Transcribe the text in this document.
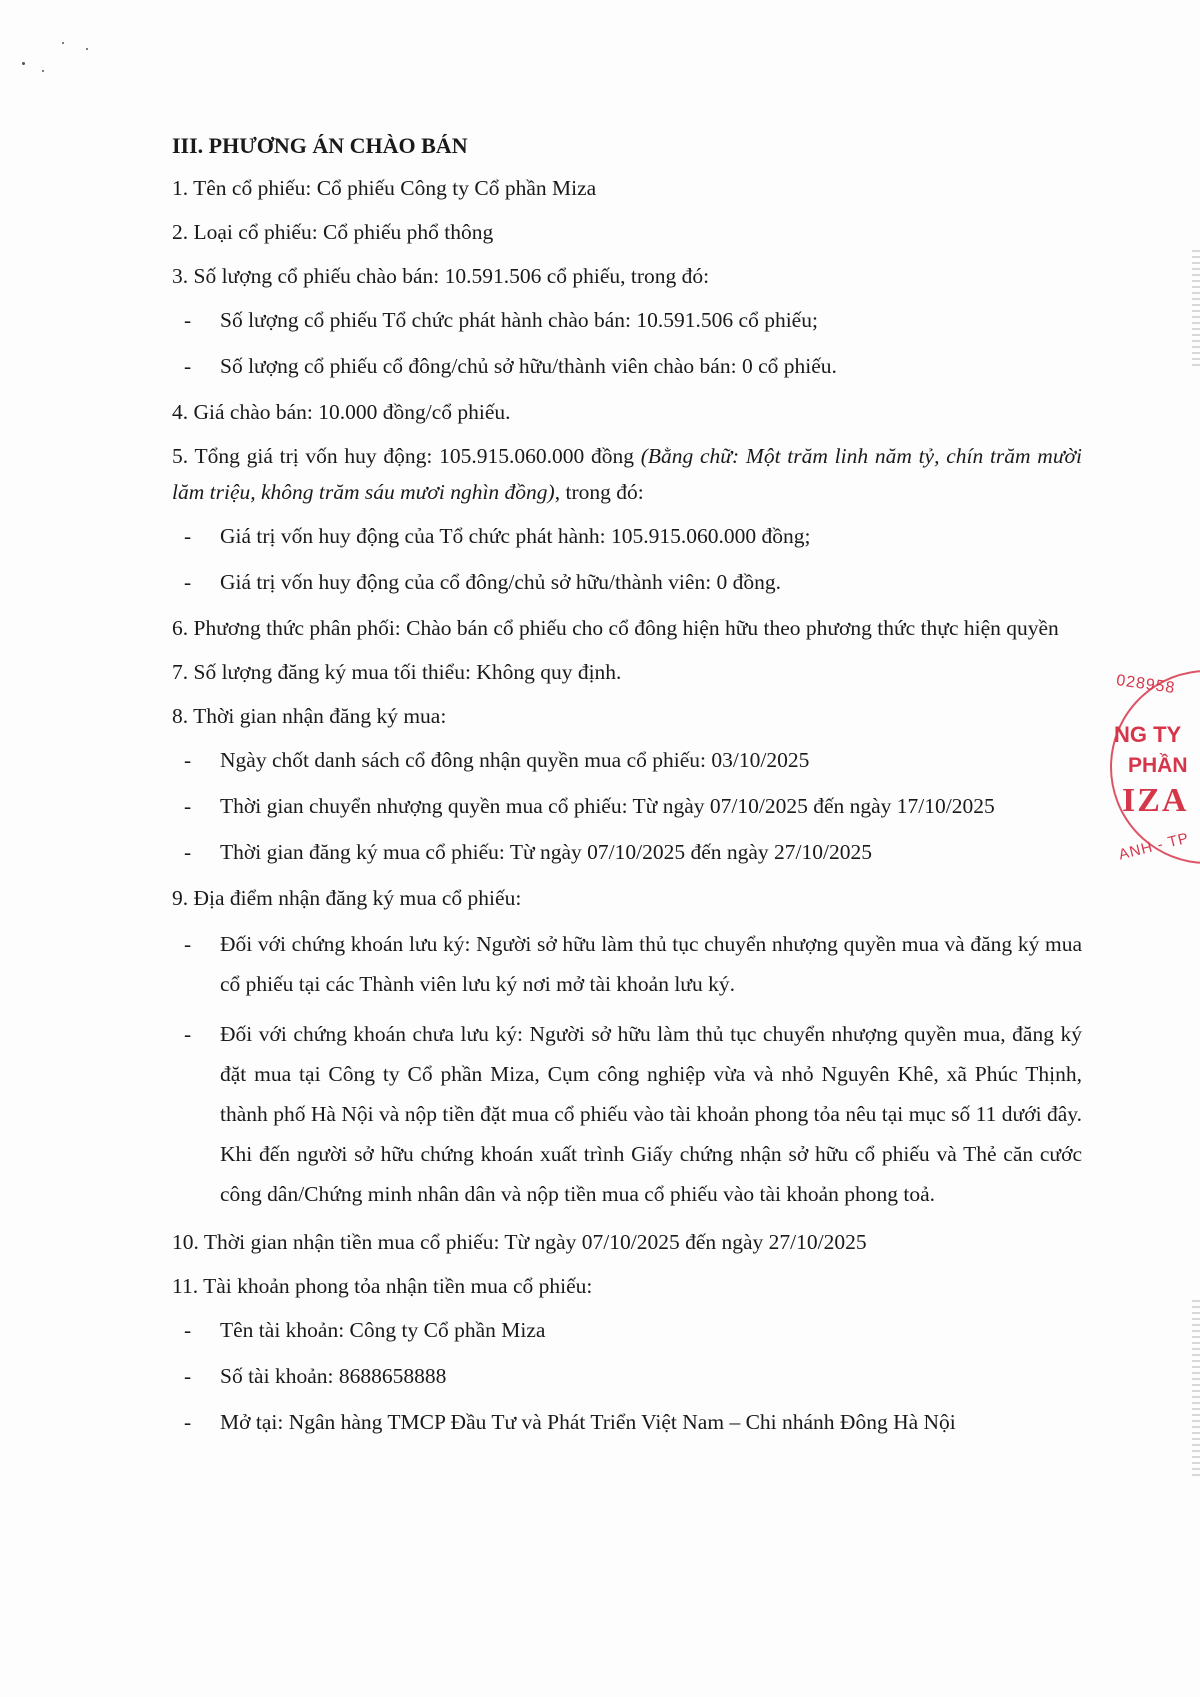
III. PHƯƠNG ÁN CHÀO BÁN
1. Tên cổ phiếu: Cổ phiếu Công ty Cổ phần Miza
2. Loại cổ phiếu: Cổ phiếu phổ thông
3. Số lượng cổ phiếu chào bán: 10.591.506 cổ phiếu, trong đó:
- Số lượng cổ phiếu Tổ chức phát hành chào bán: 10.591.506 cổ phiếu;
- Số lượng cổ phiếu cổ đông/chủ sở hữu/thành viên chào bán: 0 cổ phiếu.
4. Giá chào bán: 10.000 đồng/cổ phiếu.
5. Tổng giá trị vốn huy động: 105.915.060.000 đồng (Bằng chữ: Một trăm linh năm tỷ, chín trăm mười lăm triệu, không trăm sáu mươi nghìn đồng), trong đó:
- Giá trị vốn huy động của Tổ chức phát hành: 105.915.060.000 đồng;
- Giá trị vốn huy động của cổ đông/chủ sở hữu/thành viên: 0 đồng.
6. Phương thức phân phối: Chào bán cổ phiếu cho cổ đông hiện hữu theo phương thức thực hiện quyền
7. Số lượng đăng ký mua tối thiểu: Không quy định.
8. Thời gian nhận đăng ký mua:
- Ngày chốt danh sách cổ đông nhận quyền mua cổ phiếu: 03/10/2025
- Thời gian chuyển nhượng quyền mua cổ phiếu: Từ ngày 07/10/2025 đến ngày 17/10/2025
- Thời gian đăng ký mua cổ phiếu: Từ ngày 07/10/2025 đến ngày 27/10/2025
9. Địa điểm nhận đăng ký mua cổ phiếu:
- Đối với chứng khoán lưu ký: Người sở hữu làm thủ tục chuyển nhượng quyền mua và đăng ký mua cổ phiếu tại các Thành viên lưu ký nơi mở tài khoản lưu ký.
- Đối với chứng khoán chưa lưu ký: Người sở hữu làm thủ tục chuyển nhượng quyền mua, đăng ký đặt mua tại Công ty Cổ phần Miza, Cụm công nghiệp vừa và nhỏ Nguyên Khê, xã Phúc Thịnh, thành phố Hà Nội và nộp tiền đặt mua cổ phiếu vào tài khoản phong tỏa nêu tại mục số 11 dưới đây. Khi đến người sở hữu chứng khoán xuất trình Giấy chứng nhận sở hữu cổ phiếu và Thẻ căn cước công dân/Chứng minh nhân dân và nộp tiền mua cổ phiếu vào tài khoản phong toả.
10. Thời gian nhận tiền mua cổ phiếu: Từ ngày 07/10/2025 đến ngày 27/10/2025
11. Tài khoản phong tỏa nhận tiền mua cổ phiếu:
- Tên tài khoản: Công ty Cổ phần Miza
- Số tài khoản: 8688658888
- Mở tại: Ngân hàng TMCP Đầu Tư và Phát Triển Việt Nam – Chi nhánh Đông Hà Nội
028958
NG TY
PHẦN
IZA
ANH - TP
